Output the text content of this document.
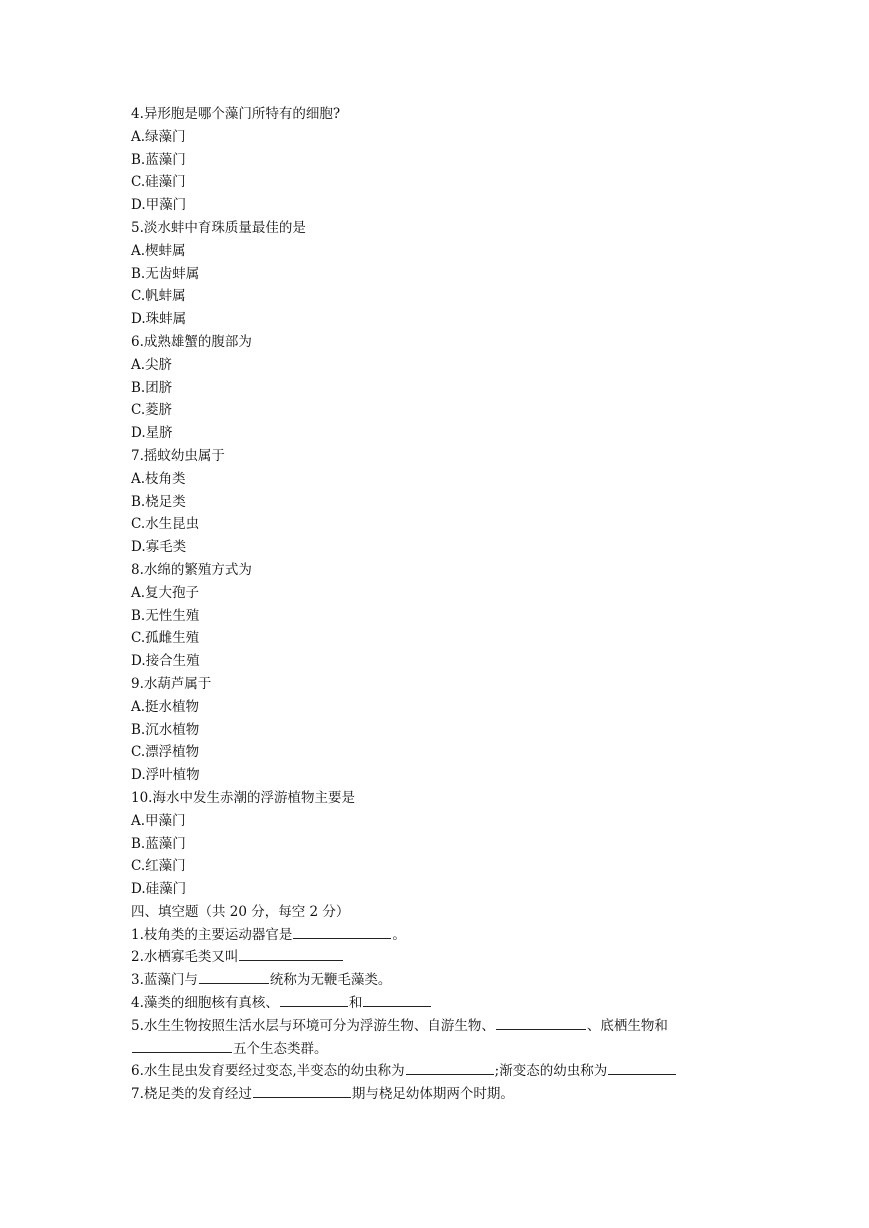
4.异形胞是哪个藻门所特有的细胞?
A.绿藻门
B.蓝藻门
C.硅藻门
D.甲藻门
5.淡水蚌中育珠质量最佳的是
A.楔蚌属
B.无齿蚌属
C.帆蚌属
D.珠蚌属
6.成熟雄蟹的腹部为
A.尖脐
B.团脐
C.菱脐
D.星脐
7.摇蚊幼虫属于
A.枝角类
B.桡足类
C.水生昆虫
D.寡毛类
8.水绵的繁殖方式为
A.复大孢子
B.无性生殖
C.孤雌生殖
D.接合生殖
9.水葫芦属于
A.挺水植物
B.沉水植物
C.漂浮植物
D.浮叶植物
10.海水中发生赤潮的浮游植物主要是
A.甲藻门
B.蓝藻门
C.红藻门
D.硅藻门
四、填空题（共 20 分，每空 2 分）
1.枝角类的主要运动器官是	。
2.水栖寡毛类又叫
3.蓝藻门与	统称为无鞭毛藻类。
4.藻类的细胞核有真核、	和
5.水生生物按照生活水层与环境可分为浮游生物、自游生物、	、底栖生物和
五个生态类群。
6.水生昆虫发育要经过变态,半变态的幼虫称为	;渐变态的幼虫称为
7.桡足类的发育经过	期与桡足幼体期两个时期。
